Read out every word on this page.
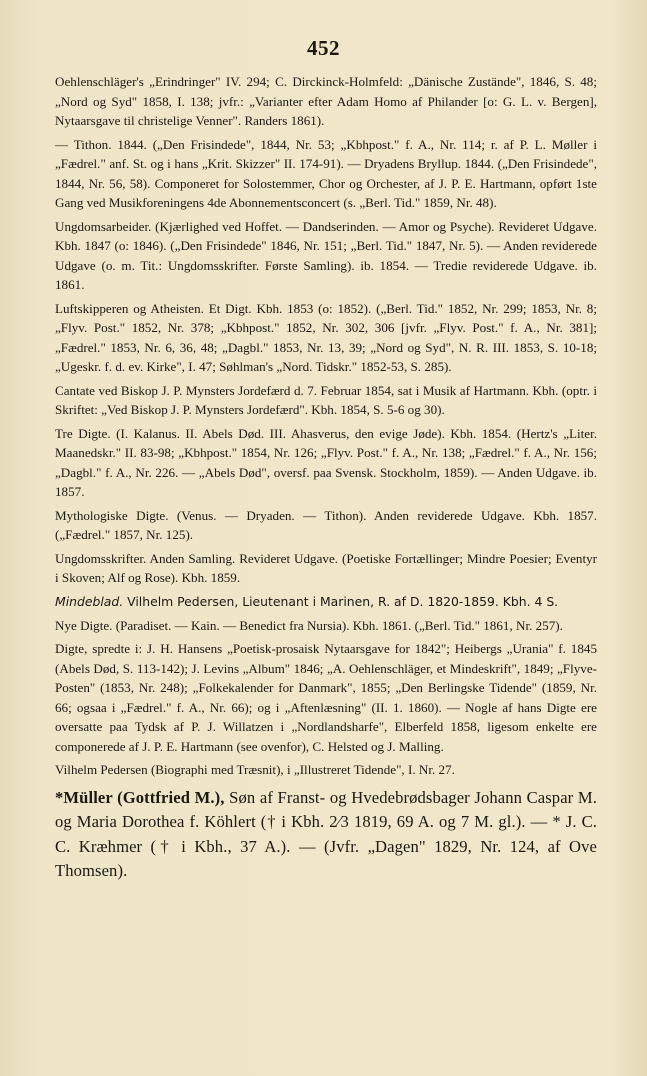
452

Oehlenschläger's „Erindringer" IV. 294; C. Dirckinck-Holmfeld: „Dänische Zustände", 1846, S. 48; „Nord og Syd" 1858, I. 138; jvfr.: „Varianter efter Adam Homo af Philander [o: G. L. v. Bergen], Nytaarsgave til christelige Venner". Randers 1861).

— Tithon. 1844. („Den Frisindede", 1844, Nr. 53; „Kbhpost." f. A., Nr. 114; r. af P. L. Møller i „Fædrel." anf. St. og i hans „Krit. Skizzer" II. 174-91). — Dryadens Bryllup. 1844. („Den Frisindede", 1844, Nr. 56, 58). Componeret for Solostemmer, Chor og Orchester, af J. P. E. Hartmann, opført 1ste Gang ved Musikforeningens 4de Abonnementsconcert (s. „Berl. Tid." 1859, Nr. 48).

Ungdomsarbeider. (Kjærlighed ved Hoffet. — Dandserinden. — Amor og Psyche). Revideret Udgave. Kbh. 1847 (o: 1846). („Den Frisindede" 1846, Nr. 151; „Berl. Tid." 1847, Nr. 5). — Anden reviderede Udgave (o. m. Tit.: Ungdomsskrifter. Første Samling). ib. 1854. — Tredie reviderede Udgave. ib. 1861.

Luftskipperen og Atheisten. Et Digt. Kbh. 1853 (o: 1852). („Berl. Tid." 1852, Nr. 299; 1853, Nr. 8; „Flyv. Post." 1852, Nr. 378; „Kbhpost." 1852, Nr. 302, 306 [jvfr. „Flyv. Post." f. A., Nr. 381]; „Fædrel." 1853, Nr. 6, 36, 48; „Dagbl." 1853, Nr. 13, 39; „Nord og Syd", N. R. III. 1853, S. 10-18; „Ugeskr. f. d. ev. Kirke", I. 47; Søhlman's „Nord. Tidskr." 1852-53, S. 285).

Cantate ved Biskop J. P. Mynsters Jordefærd d. 7. Februar 1854, sat i Musik af Hartmann. Kbh. (optr. i Skriftet: „Ved Biskop J. P. Mynsters Jordefærd". Kbh. 1854, S. 5-6 og 30).

Tre Digte. (I. Kalanus. II. Abels Død. III. Ahasverus, den evige Jøde). Kbh. 1854. (Hertz's „Liter. Maanedskr." II. 83-98; „Kbhpost." 1854, Nr. 126; „Flyv. Post." f. A., Nr. 138; „Fædrel." f. A., Nr. 156; „Dagbl." f. A., Nr. 226. — „Abels Død", oversf. paa Svensk. Stockholm, 1859). — Anden Udgave. ib. 1857.

Mythologiske Digte. (Venus. — Dryaden. — Tithon). Anden reviderede Udgave. Kbh. 1857. („Fædrel." 1857, Nr. 125).

Ungdomsskrifter. Anden Samling. Revideret Udgave. (Poetiske Fortællinger; Mindre Poesier; Eventyr i Skoven; Alf og Rose). Kbh. 1859.

Mindeblad. Vilhelm Pedersen, Lieutenant i Marinen, R. af D. 1820-1859. Kbh. 4 S.

Nye Digte. (Paradiset. — Kain. — Benedict fra Nursia). Kbh. 1861. („Berl. Tid." 1861, Nr. 257).

Digte, spredte i: J. H. Hansens „Poetisk-prosaisk Nytaarsgave for 1842"; Heibergs „Urania" f. 1845 (Abels Død, S. 113-142); J. Levins „Album" 1846; „A. Oehlenschläger, et Mindeskrift", 1849; „Flyve-Posten" (1853, Nr. 248); „Folkekalender for Danmark", 1855; „Den Berlingske Tidende" (1859, Nr. 66; ogsaa i „Fædrel." f. A., Nr. 66); og i „Aftenlæsning" (II. 1. 1860). — Nogle af hans Digte ere oversatte paa Tydsk af P. J. Willatzen i „Nordlandsharfe", Elberfeld 1858, ligesom enkelte ere componerede af J. P. E. Hartmann (see ovenfor), C. Helsted og J. Malling.

Vilhelm Pedersen (Biographi med Træsnit), i „Illustreret Tidende", I. Nr. 27.

*Müller (Gottfried M.), Søn af Franst- og Hvedebrødsbager Johann Caspar M. og Maria Dorothea f. Köhlert († i Kbh. 2⁄3 1819, 69 A. og 7 M. gl.). — * J. C. C. Kræhmer († i Kbh., 37 A.). — (Jvfr. „Dagen" 1829, Nr. 124, af Ove Thomsen).
